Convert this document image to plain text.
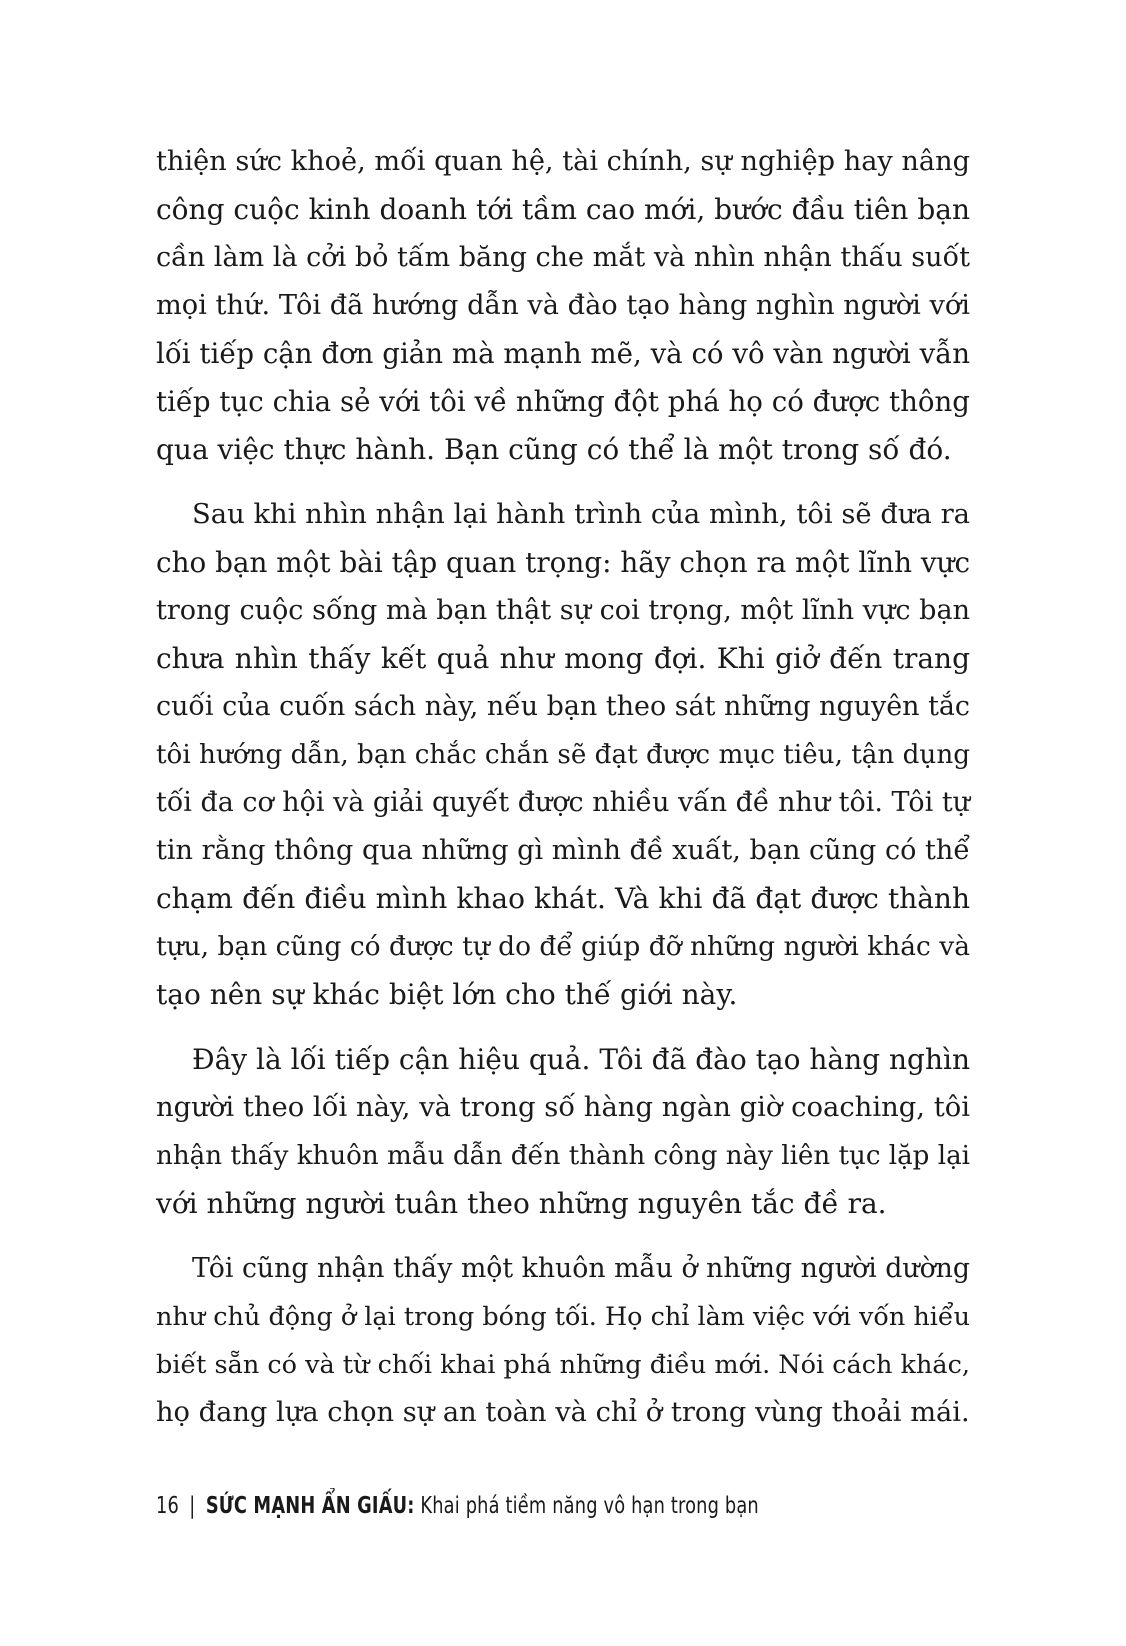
thiện sức khoẻ, mối quan hệ, tài chính, sự nghiệp hay nâng
công cuộc kinh doanh tới tầm cao mới, bước đầu tiên bạn
cần làm là cởi bỏ tấm băng che mắt và nhìn nhận thấu suốt
mọi thứ. Tôi đã hướng dẫn và đào tạo hàng nghìn người với
lối tiếp cận đơn giản mà mạnh mẽ, và có vô vàn người vẫn
tiếp tục chia sẻ với tôi về những đột phá họ có được thông
qua việc thực hành. Bạn cũng có thể là một trong số đó.

Sau khi nhìn nhận lại hành trình của mình, tôi sẽ đưa ra
cho bạn một bài tập quan trọng: hãy chọn ra một lĩnh vực
trong cuộc sống mà bạn thật sự coi trọng, một lĩnh vực bạn
chưa nhìn thấy kết quả như mong đợi. Khi giở đến trang
cuối của cuốn sách này, nếu bạn theo sát những nguyên tắc
tôi hướng dẫn, bạn chắc chắn sẽ đạt được mục tiêu, tận dụng
tối đa cơ hội và giải quyết được nhiều vấn đề như tôi. Tôi tự
tin rằng thông qua những gì mình đề xuất, bạn cũng có thể
chạm đến điều mình khao khát. Và khi đã đạt được thành
tựu, bạn cũng có được tự do để giúp đỡ những người khác và
tạo nên sự khác biệt lớn cho thế giới này.

Đây là lối tiếp cận hiệu quả. Tôi đã đào tạo hàng nghìn
người theo lối này, và trong số hàng ngàn giờ coaching, tôi
nhận thấy khuôn mẫu dẫn đến thành công này liên tục lặp lại
với những người tuân theo những nguyên tắc đề ra.

Tôi cũng nhận thấy một khuôn mẫu ở những người dường
như chủ động ở lại trong bóng tối. Họ chỉ làm việc với vốn hiểu
biết sẵn có và từ chối khai phá những điều mới. Nói cách khác,
họ đang lựa chọn sự an toàn và chỉ ở trong vùng thoải mái.

16 | SỨC MẠNH ẨN GIẤU: Khai phá tiềm năng vô hạn trong bạn
